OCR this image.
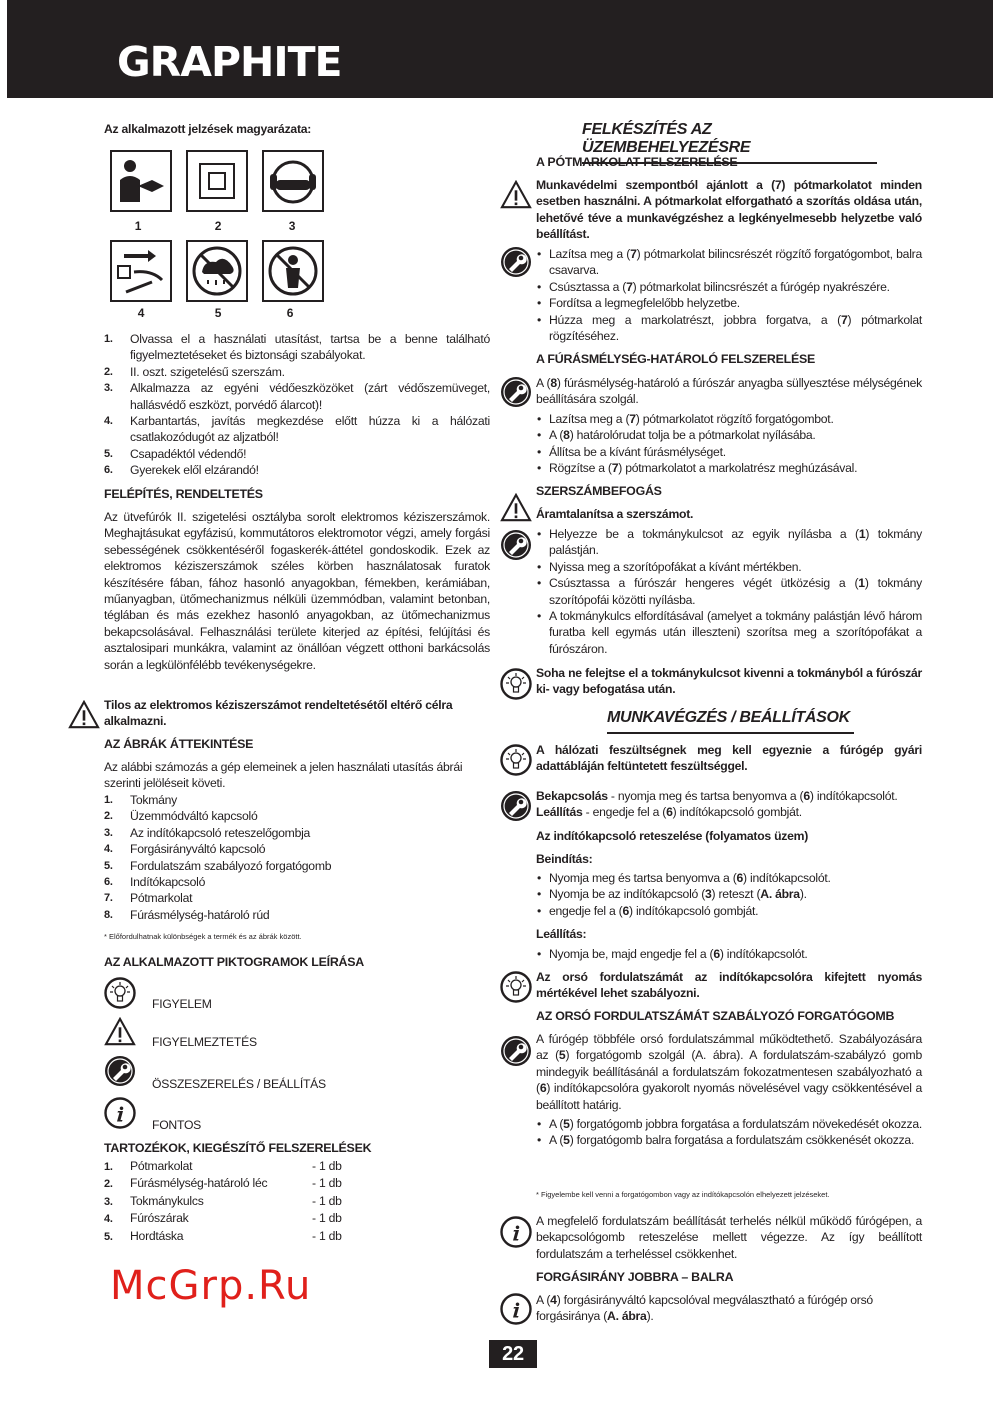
GRAPHITE
Az alkalmazott jelzések magyarázata:
1	2	3
4	5	6
1. Olvassa el a használati utasítást, tartsa be a benne található figyelmeztetéseket és biztonsági szabályokat.
2. II. oszt. szigetelésű szerszám.
3. Alkalmazza az egyéni védőeszközöket (zárt védőszemüveget, hallásvédő eszközt, porvédő álarcot)!
4. Karbantartás, javítás megkezdése előtt húzza ki a hálózati csatlakozódugót az aljzatból!
5. Csapadéktól védendő!
6. Gyerekek elől elzárandó!
FELÉPÍTÉS, RENDELTETÉS
Az ütvefúrók II. szigetelési osztályba sorolt elektromos kéziszerszámok. Meghajtásukat egyfázisú, kommutátoros elektromotor végzi, amely forgási sebességének csökkentéséről fogaskerék-áttétel gondoskodik. Ezek az elektromos kéziszerszámok széles körben használatosak furatok készítésére fában, fához hasonló anyagokban, fémekben, kerámiában, műanyagban, ütőmechanizmus nélküli üzemmódban, valamint betonban, téglában és más ezekhez hasonló anyagokban, az ütőmechanizmus bekapcsolásával. Felhasználási területe kiterjed az építési, felújítási és asztalosipari munkákra, valamint az önállóan végzett otthoni barkácsolás során a legkülönfélébb tevékenységekre.
Tilos az elektromos kéziszerszámot rendeltetésétől eltérő célra alkalmazni.
AZ ÁBRÁK ÁTTEKINTÉSE
Az alábbi számozás a gép elemeinek a jelen használati utasítás ábrái szerinti jelöléseit követi.
1. Tokmány
2. Üzemmódváltó kapcsoló
3. Az indítókapcsoló reteszelőgombja
4. Forgásirányváltó kapcsoló
5. Fordulatszám szabályozó forgatógomb
6. Indítókapcsoló
7. Pótmarkolat
8. Fúrásmélység-határoló rúd
* Előfordulhatnak különbségek a termék és az ábrák között.
AZ ALKALMAZOTT PIKTOGRAMOK LEÍRÁSA
FIGYELEM
FIGYELMEZTETÉS
ÖSSZESZERELÉS / BEÁLLÍTÁS
FONTOS
TARTOZÉKOK, KIEGÉSZÍTŐ FELSZERELÉSEK
1. Pótmarkolat	- 1 db
2. Fúrásmélység-határoló léc	- 1 db
3. Tokmánykulcs	- 1 db
4. Fúrószárak	- 1 db
5. Hordtáska	- 1 db
FELKÉSZÍTÉS AZ ÜZEMBEHELYEZÉSRE
A PÓTMARKOLAT FELSZERELÉSE
Munkavédelmi szempontból ajánlott a (7) pótmarkolatot minden esetben használni. A pótmarkolat elforgatható a szorítás oldása után, lehetővé téve a munkavégzéshez a legkényelmesebb helyzetbe való beállítást.
• Lazítsa meg a (7) pótmarkolat bilincsrészét rögzítő forgatógombot, balra csavarva.
• Csúsztassa a (7) pótmarkolat bilincsrészét a fúrógép nyakrészére.
• Fordítsa a legmegfelelőbb helyzetbe.
• Húzza meg a markolatrészt, jobbra forgatva, a (7) pótmarkolat rögzítéséhez.
A FÚRÁSMÉLYSÉG-HATÁROLÓ FELSZERELÉSE
A (8) fúrásmélység-határoló a fúrószár anyagba süllyesztése mélységének beállítására szolgál.
• Lazítsa meg a (7) pótmarkolatot rögzítő forgatógombot.
• A (8) határolórudat tolja be a pótmarkolat nyílásába.
• Állítsa be a kívánt fúrásmélységet.
• Rögzítse a (7) pótmarkolatot a markolatrész meghúzásával.
SZERSZÁMBEFOGÁS
Áramtalanítsa a szerszámot.
• Helyezze be a tokmánykulcsot az egyik nyílásba a (1) tokmány palástján.
• Nyissa meg a szorítópofákat a kívánt mértékben.
• Csúsztassa a fúrószár hengeres végét ütközésig a (1) tokmány szorítópofái közötti nyílásba.
• A tokmánykulcs elfordításával (amelyet a tokmány palástján lévő három furatba kell egymás után illeszteni) szorítsa meg a szorítópofákat a fúrószáron.
Soha ne felejtse el a tokmánykulcsot kivenni a tokmányból a fúrószár ki- vagy befogatása után.
MUNKAVÉGZÉS / BEÁLLÍTÁSOK
A hálózati feszültségnek meg kell egyeznie a fúrógép gyári adattábláján feltüntetett feszültséggel.
Bekapcsolás - nyomja meg és tartsa benyomva a (6) indítókapcsolót. Leállítás - engedje fel a (6) indítókapcsoló gombját.
Az indítókapcsoló reteszelése (folyamatos üzem)
Beindítás:
• Nyomja meg és tartsa benyomva a (6) indítókapcsolót.
• Nyomja be az indítókapcsoló (3) reteszt (A. ábra).
• engedje fel a (6) indítókapcsoló gombját.
Leállítás:
• Nyomja be, majd engedje fel a (6) indítókapcsolót.
Az orsó fordulatszámát az indítókapcsolóra kifejtett nyomás mértékével lehet szabályozni.
AZ ORSÓ FORDULATSZÁMÁT SZABÁLYOZÓ FORGATÓGOMB
A fúrógép többféle orsó fordulatszámmal működtethető. Szabályozására az (5) forgatógomb szolgál (A. ábra). A fordulatszám-szabályzó gomb mindegyik beállításánál a fordulatszám fokozatmentesen szabályozható a (6) indítókapcsolóra gyakorolt nyomás növelésével vagy csökkentésével a beállított határig.
• A (5) forgatógomb jobbra forgatása a fordulatszám növekedését okozza.
• A (5) forgatógomb balra forgatása a fordulatszám csökkenését okozza.
* Figyelembe kell venni a forgatógombon vagy az indítókapcsolón elhelyezett jelzéseket.
A megfelelő fordulatszám beállítását terhelés nélkül működő fúrógépen, a bekapcsológomb reteszelése mellett végezze. Az így beállított fordulatszám a terheléssel csökkenhet.
FORGÁSIRÁNY JOBBRA – BALRA
A (4) forgásirányváltó kapcsolóval megválasztható a fúrógép orsó forgásiránya (A. ábra).
22
McGrp.Ru
